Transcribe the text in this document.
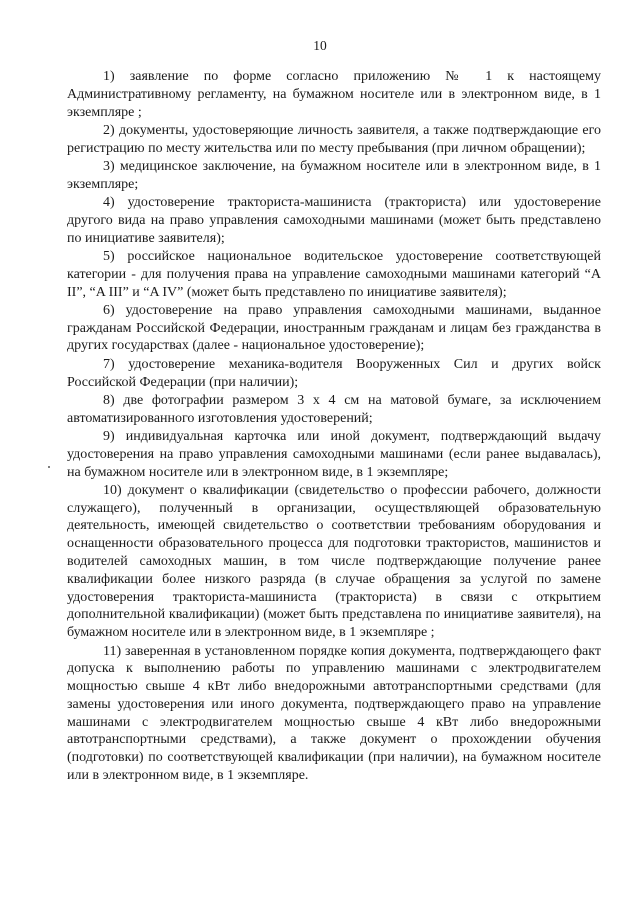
10

1) заявление по форме согласно приложению № 1 к настоящему Административному регламенту, на бумажном носителе или в электронном виде, в 1 экземпляре ;

2) документы, удостоверяющие личность заявителя, а также подтверждающие его регистрацию по месту жительства или по месту пребывания (при личном обращении);

3) медицинское заключение, на бумажном носителе или в электронном виде, в 1 экземпляре;

4) удостоверение тракториста-машиниста (тракториста) или удостоверение другого вида на право управления самоходными машинами (может быть представлено по инициативе заявителя);

5) российское национальное водительское удостоверение соответствующей категории - для получения права на управление самоходными машинами категорий “A II”, “A III” и “A IV” (может быть представлено по инициативе заявителя);

6) удостоверение на право управления самоходными машинами, выданное гражданам Российской Федерации, иностранным гражданам и лицам без гражданства в других государствах (далее - национальное удостоверение);

7) удостоверение механика-водителя Вооруженных Сил и других войск Российской Федерации (при наличии);

8) две фотографии размером 3 х 4 см на матовой бумаге, за исключением автоматизированного изготовления удостоверений;

9) индивидуальная карточка или иной документ, подтверждающий выдачу удостоверения на право управления самоходными машинами (если ранее выдавалась), на бумажном носителе или в электронном виде, в 1 экземпляре;

10) документ о квалификации (свидетельство о профессии рабочего, должности служащего), полученный в организации, осуществляющей образовательную деятельность, имеющей свидетельство о соответствии требованиям оборудования и оснащенности образовательного процесса для подготовки трактористов, машинистов и водителей самоходных машин, в том числе подтверждающие получение ранее квалификации более низкого разряда (в случае обращения за услугой по замене удостоверения тракториста-машиниста (тракториста) в связи с открытием дополнительной квалификации) (может быть представлена по инициативе заявителя), на бумажном носителе или в электронном виде, в 1 экземпляре ;

11) заверенная в установленном порядке копия документа, подтверждающего факт допуска к выполнению работы по управлению машинами с электродвигателем мощностью свыше 4 кВт либо внедорожными автотранспортными средствами (для замены удостоверения или иного документа, подтверждающего право на управление машинами с электродвигателем мощностью свыше 4 кВт либо внедорожными автотранспортными средствами), а также документ о прохождении обучения (подготовки) по соответствующей квалификации (при наличии), на бумажном носителе или в электронном виде, в 1 экземпляре.
